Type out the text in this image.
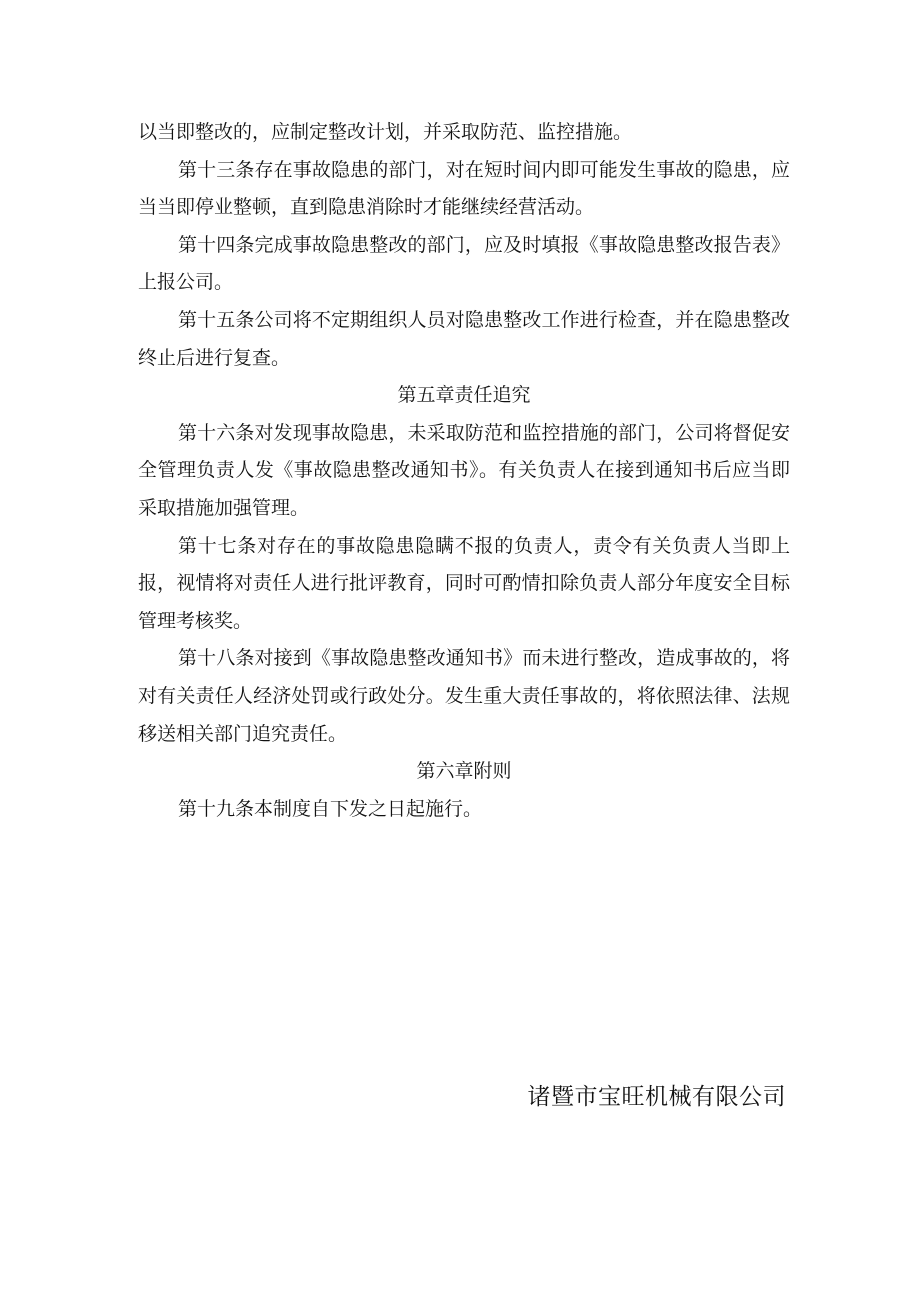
以当即整改的，应制定整改计划，并采取防范、监控措施。

第十三条存在事故隐患的部门，对在短时间内即可能发生事故的隐患，应当当即停业整顿，直到隐患消除时才能继续经营活动。

第十四条完成事故隐患整改的部门，应及时填报《事故隐患整改报告表》上报公司。

第十五条公司将不定期组织人员对隐患整改工作进行检查，并在隐患整改终止后进行复查。

第五章责任追究

第十六条对发现事故隐患，未采取防范和监控措施的部门，公司将督促安全管理负责人发《事故隐患整改通知书》。有关负责人在接到通知书后应当即采取措施加强管理。

第十七条对存在的事故隐患隐瞒不报的负责人，责令有关负责人当即上报，视情将对责任人进行批评教育，同时可酌情扣除负责人部分年度安全目标管理考核奖。

第十八条对接到《事故隐患整改通知书》而未进行整改，造成事故的，将对有关责任人经济处罚或行政处分。发生重大责任事故的，将依照法律、法规移送相关部门追究责任。

第六章附则

第十九条本制度自下发之日起施行。

诸暨市宝旺机械有限公司
